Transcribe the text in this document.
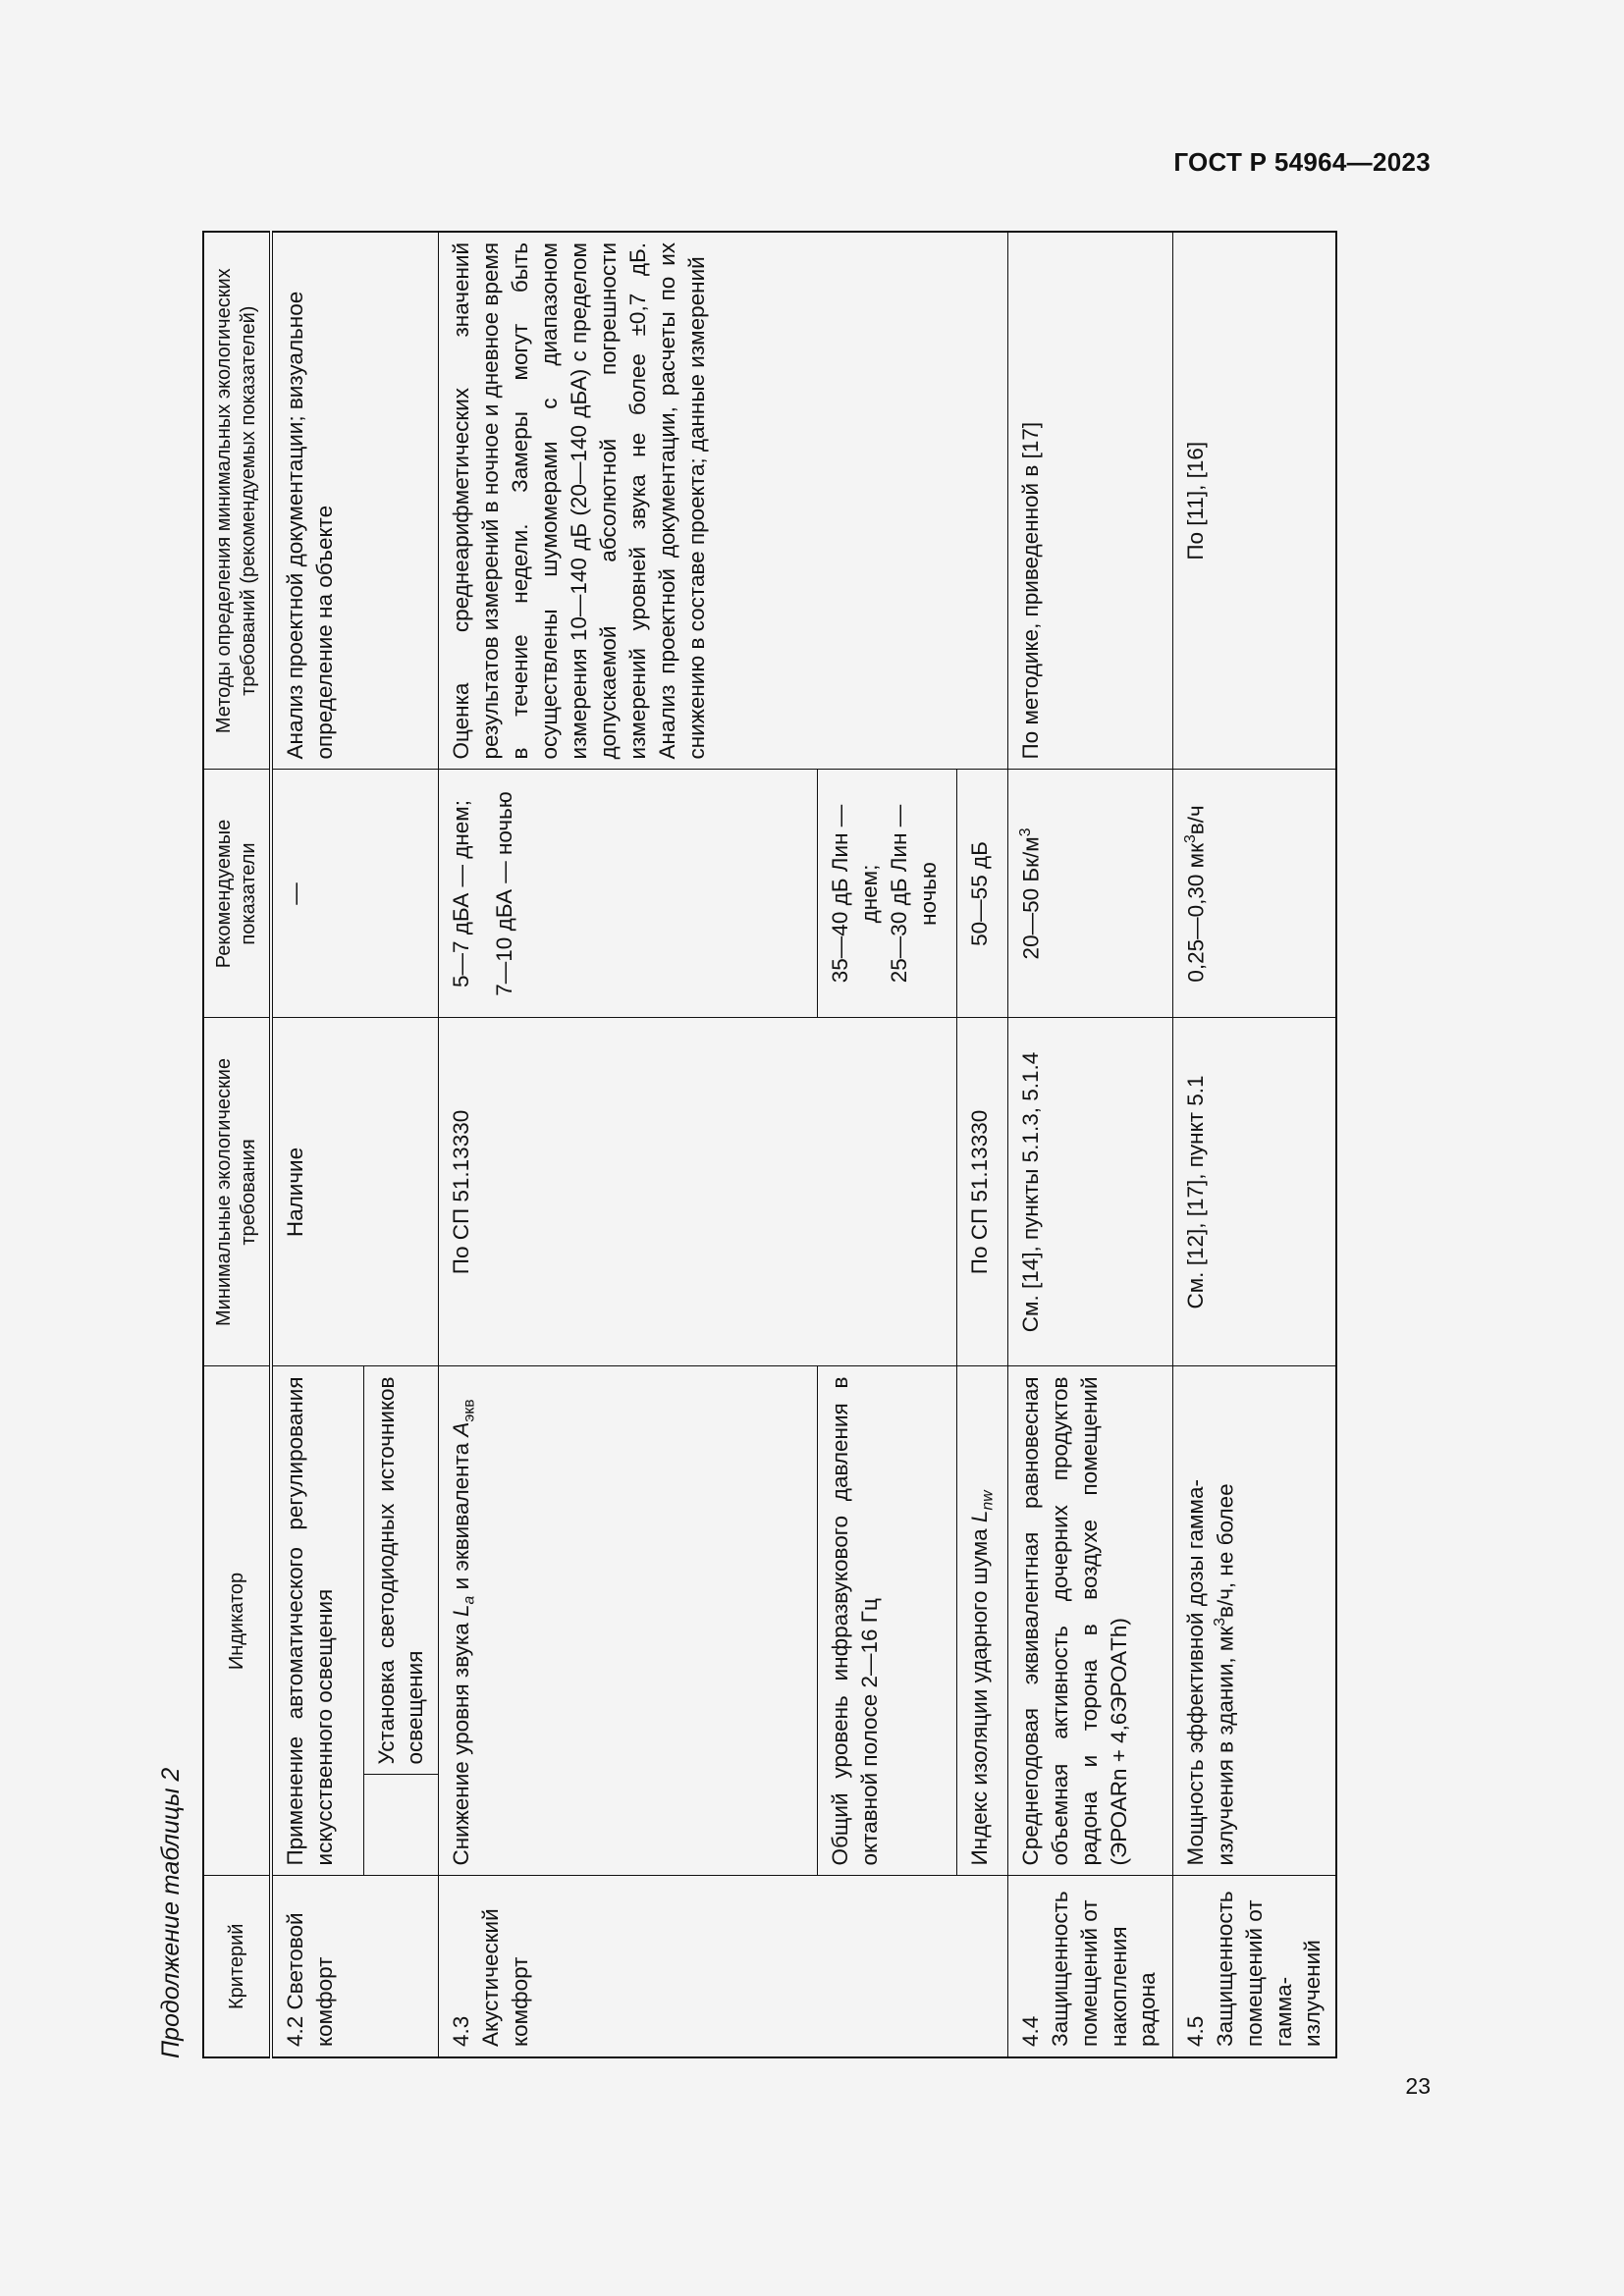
ГОСТ Р 54964—2023
Продолжение таблицы 2 Критерий	Индикатор		Минимальные экологические требования	Рекомендуемые показатели	Методы определения минимальных экологических требований (рекомендуемых показателей)
4.2 Световой комфорт	Применение автоматического регулирования искусственного освещения		Наличие	—	Анализ проектной документации; визуальное определение на объекте
		Установка светодиодных источников освещения			
4.3 Акустический комфорт	Снижение уровня звука $L_a$ и эквивалента $A_{экв}$		По СП 51.13330	5—7 дБА — днем; 7—10 дБА — ночью	Оценка среднеарифметических значений результатов измерений в ночное и дневное время в течение недели. Замеры могут быть осуществлены шумомерами с диапазоном измерения 10—140 дБ (20—140 дБА) с пределом допускаемой абсолютной погрешности измерений уровней звука не более ±0,7 дБ. Анализ проектной документации, расчеты по их снижению в составе проекта; данные измерений
	Общий уровень инфразвукового давления в октавной полосе 2—16 Гц			35—40 дБ Лин — днем; 25—30 дБ Лин — ночью	

	Индекс изоляции ударного шума $L_{nw}$		По СП 51.13330	50—55 дБ	
4.4 Защищенность помещений от накопления радона	Среднегодовая эквивалентная равновесная объемная активность дочерних продуктов радона и торона в воздухе помещений (ЭРОАRn + 4,6ЭРОАTh)		См. [14], пункты 5.1.3, 5.1.4	20—50 $Бк/м^3$	По методике, приведенной в [17]
4.5 Защищенность помещений от гамма-излучений	Мощность эффективной дозы гамма-излучения в здании, $мк^3в/ч$, не более		См. [12], [17], пункт 5.1	0,25—0,30 $мк^3в/ч$	По [11], [16]
23
